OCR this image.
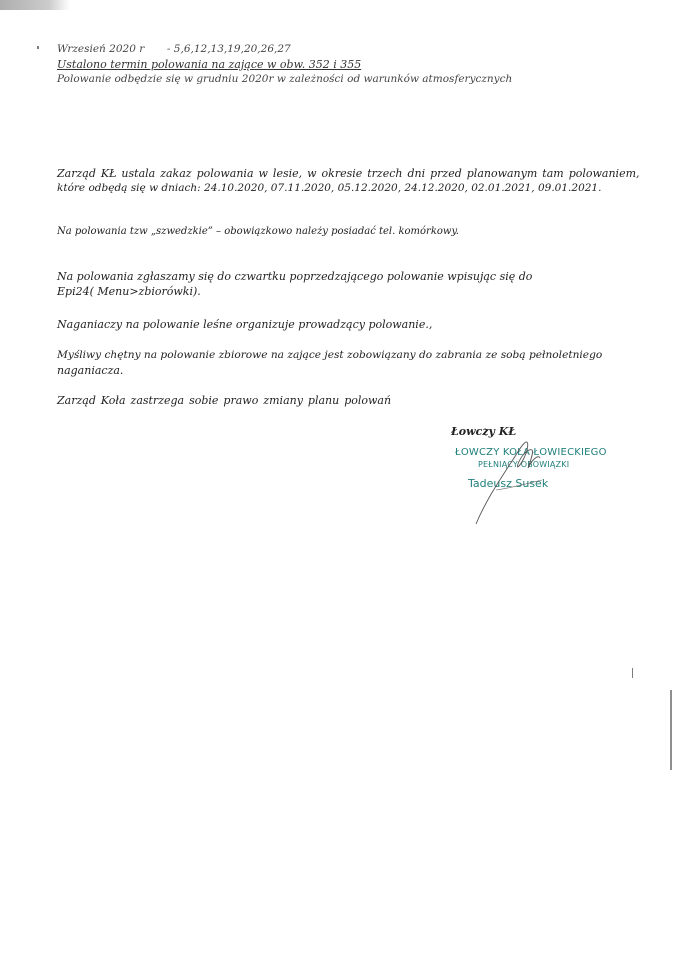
Wrzesień 2020 r - 5,6,12,13,19,20,26,27
Ustalono termin polowania na zające w obw. 352 i 355
Polowanie odbędzie się w grudniu 2020r w zależności od warunków atmosferycznych
Zarząd KŁ ustala zakaz polowania w lesie, w okresie trzech dni przed planowanym tam polowaniem,
które odbędą się w dniach: 24.10.2020, 07.11.2020, 05.12.2020, 24.12.2020, 02.01.2021, 09.01.2021.
Na polowania tzw „szwedzkie” – obowiązkowo należy posiadać tel. komórkowy.
Na polowania zgłaszamy się do czwartku poprzedzającego polowanie wpisując się do
Epi24( Menu>zbiorówki).
Naganiaczy na polowanie leśne organizuje prowadzący polowanie.,
Myśliwy chętny na polowanie zbiorowe na zające jest zobowiązany do zabrania ze sobą pełnoletniego
naganiacza.
Zarząd Koła zastrzega sobie prawo zmiany planu polowań
Łowczy KŁ
ŁOWCZY KOŁA ŁOWIECKIEGO
PEŁNIĄCY OBOWIĄZKI
Tadeusz Susek
